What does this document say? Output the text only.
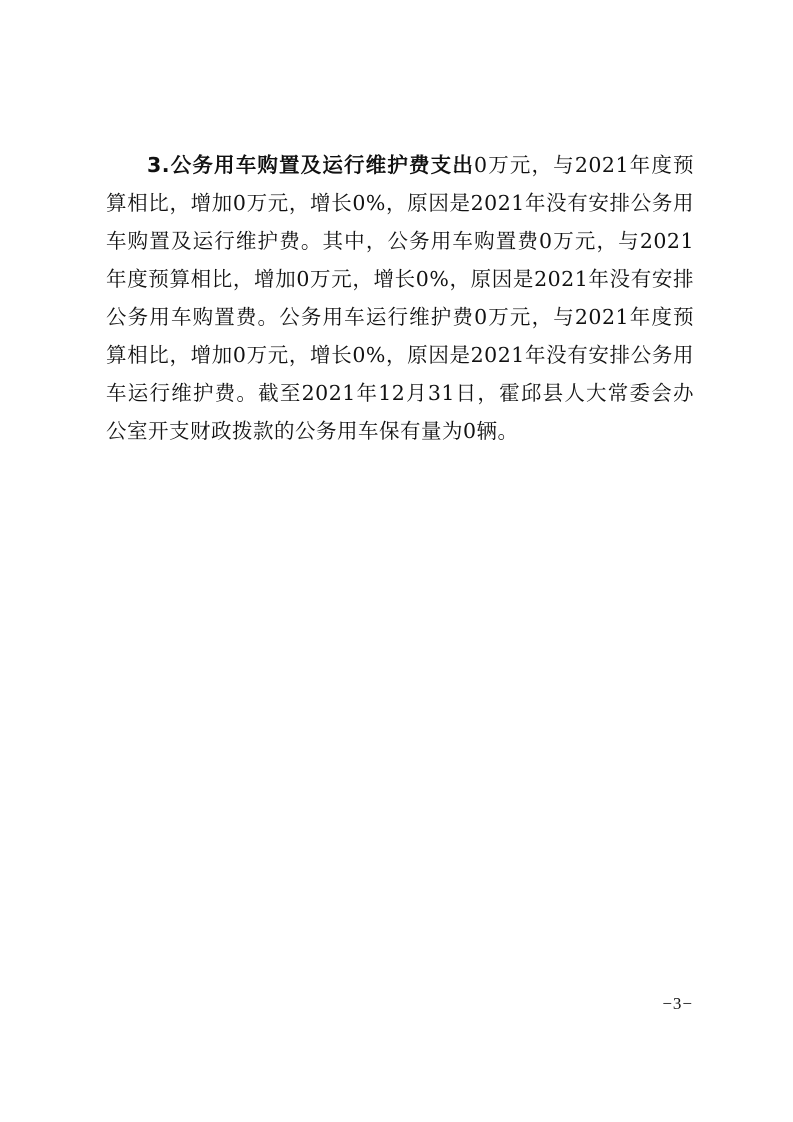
3.公务用车购置及运行维护费支出0万元，与2021年度预算相比，增加0万元，增长0%，原因是2021年没有安排公务用车购置及运行维护费。其中，公务用车购置费0万元，与2021年度预算相比，增加0万元，增长0%，原因是2021年没有安排公务用车购置费。公务用车运行维护费0万元，与2021年度预算相比，增加0万元，增长0%，原因是2021年没有安排公务用车运行维护费。截至2021年12月31日，霍邱县人大常委会办公室开支财政拨款的公务用车保有量为0辆。

−3−
